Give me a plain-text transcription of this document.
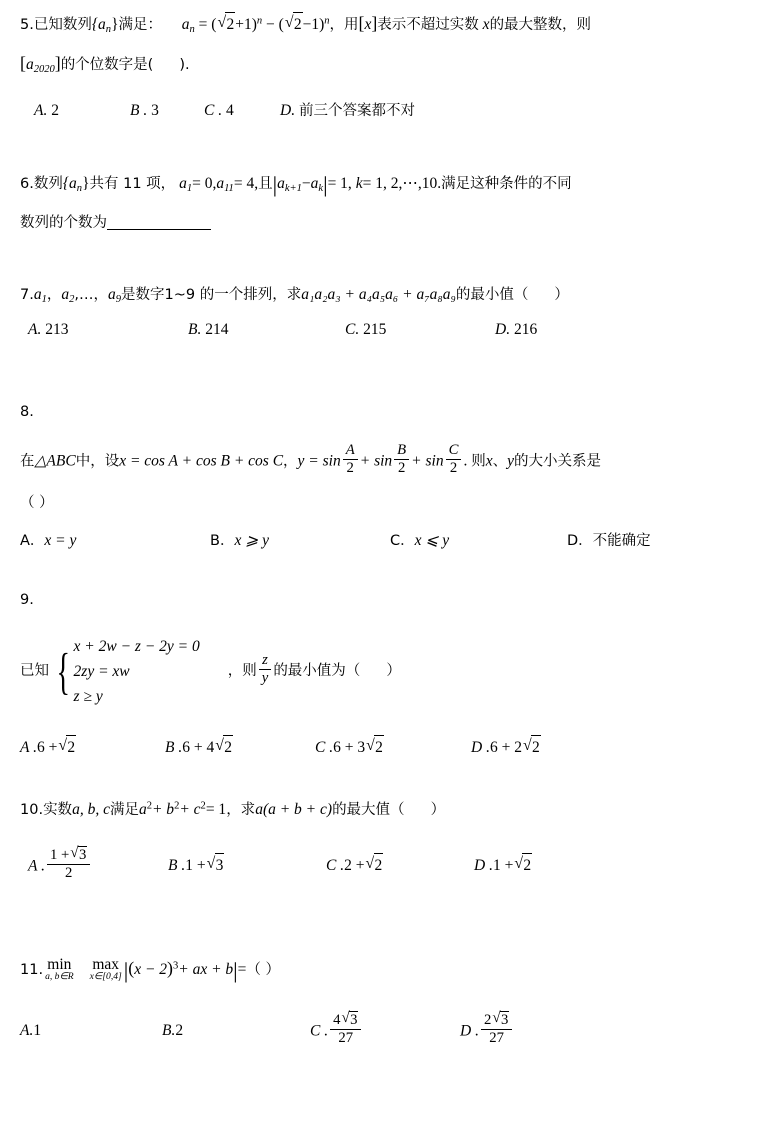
5.已知数列$\{a_n\}$满足： $a_n$ = ( √ 2+1)$^n$ − ( √ 2−1)$^n$，用[x]表示不超过实数 x的最大整数，则
$[a_{2020}]$的个位数字是( ).
A. 2	B . 3	C . 4	D. 前三个答案都不对
6.数列$\{a_n\}$共有 11 项， $a_1= 0,a_{11}= 4$,且$|a_{k+1}-a_k|= 1$, k= 1, 2,⋯,10.满足这种条件的不同
数列的个数为
$7.a_1$，$a_2,\dots$，$a_9$是数字1~9 的一个排列，求a₁a₂a₃ + a₄a₅a₆ + a₇a₈a₉的最小值（ ）
A. 213	B. 214	C. 215	D. 216
8.
在△ABC中，设x = cos A + cos B + cos C，$y = \sin \frac{A}{2} + \sin \frac{B}{2} + \sin \frac{C}{2}$ . 则x、y的大小关系是
（ ）
A．x = y	B．x ⩾ y	C．x ⩽ y	D．不能确定
9.
已知 { x + 2w − z − 2y = 0
2zy = xw
z ≥ y
，则 $\frac{z}{y}$ 的最小值为（ ）
A .6 + √ 2	B .6 + 4 √ 2	C .6 + 3 √ 2	D .6 + 2 √ 2
10.实数a, b, c满足$a^2+ b^2+ c^2= 1$，求a(a + b + c)的最大值（ ）
A . $\frac{1 + √ 3}{2}$	B .1 + √ 3	C .2 + √ 2	D .1 + √ 2
11. min
a, b∈R
max
x∈[0,4] $|(x - 2)^3+$ ax + b|=（ ）
A.1	B.2	C . $\frac{4 √ 3}{27}$	D . $\frac{2 √ 3}{27}$
